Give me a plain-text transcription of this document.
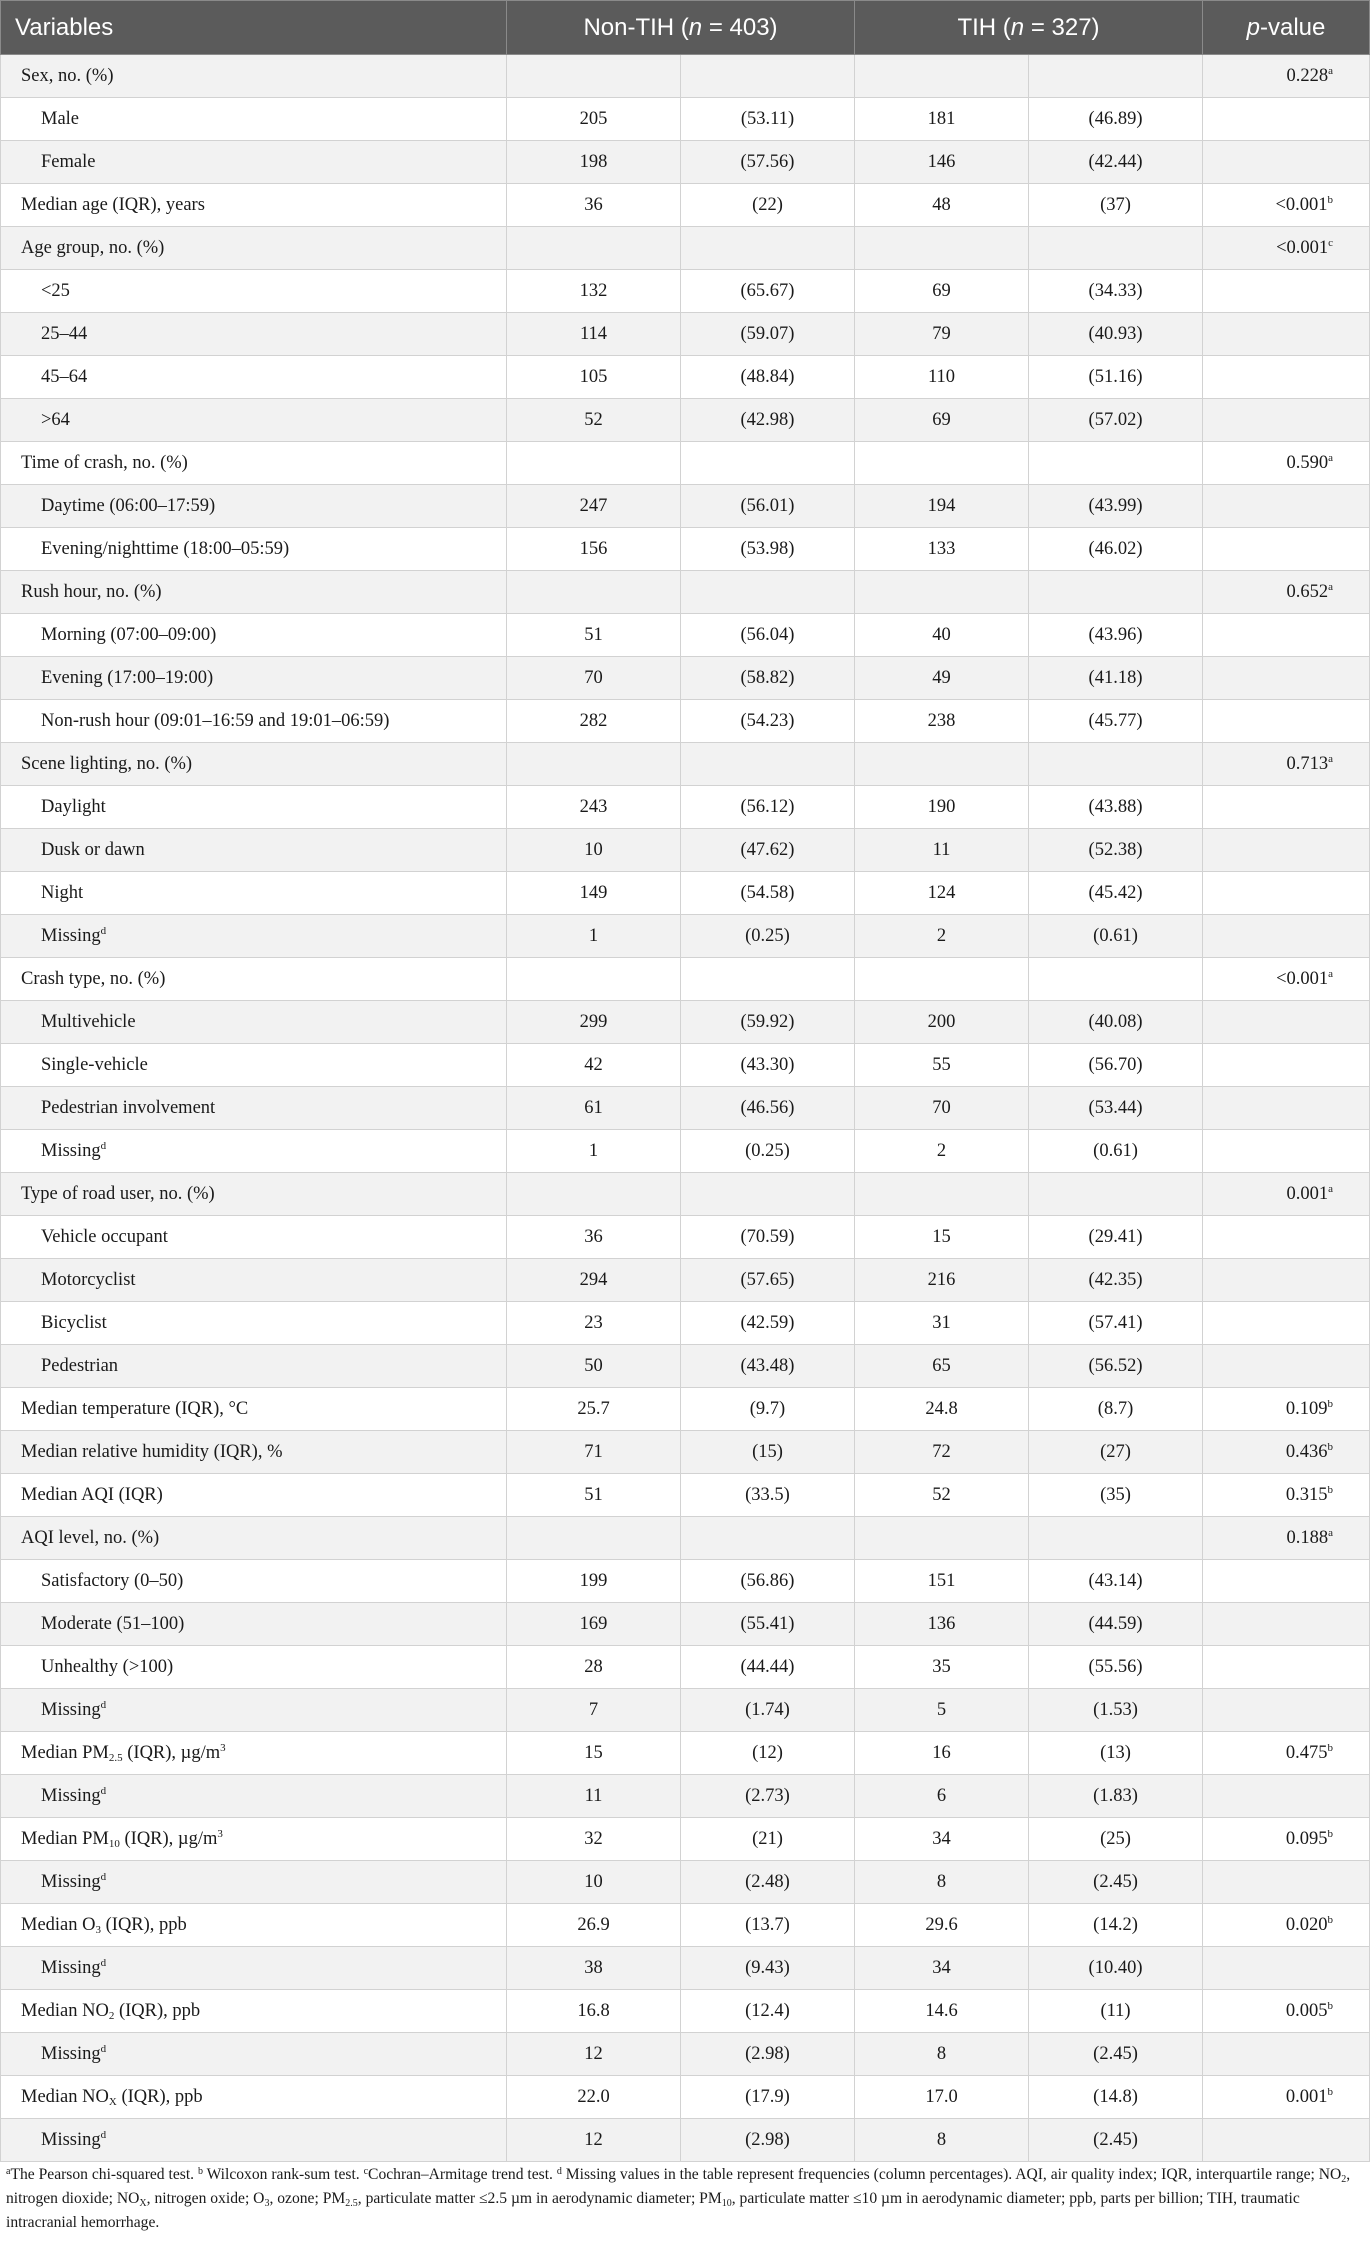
Variables	Non-TIH (n = 403)		TIH (n = 327)		p-value
Sex, no. (%)					0.228$^a$
Male	205	(53.11)	181	(46.89)	
Female	198	(57.56)	146	(42.44)	
Median age (IQR), years	36	(22)	48	(37)	<0.001$^b$
Age group, no. (%)					<0.001$^c$
<25	132	(65.67)	69	(34.33)	
25–44	114	(59.07)	79	(40.93)	
45–64	105	(48.84)	110	(51.16)	
>64	52	(42.98)	69	(57.02)	
Time of crash, no. (%)					0.590$^a$
Daytime (06:00–17:59)	247	(56.01)	194	(43.99)	
Evening/nighttime (18:00–05:59)	156	(53.98)	133	(46.02)	
Rush hour, no. (%)					0.652$^a$
Morning (07:00–09:00)	51	(56.04)	40	(43.96)	
Evening (17:00–19:00)	70	(58.82)	49	(41.18)	
Non-rush hour (09:01–16:59 and 19:01–06:59)	282	(54.23)	238	(45.77)	
Scene lighting, no. (%)					0.713$^a$
Daylight	243	(56.12)	190	(43.88)	
Dusk or dawn	10	(47.62)	11	(52.38)	
Night	149	(54.58)	124	(45.42)	
Missing$^d$	1	(0.25)	2	(0.61)	
Crash type, no. (%)					<0.001$^a$
Multivehicle	299	(59.92)	200	(40.08)	
Single-vehicle	42	(43.30)	55	(56.70)	
Pedestrian involvement	61	(46.56)	70	(53.44)	
Missing$^d$	1	(0.25)	2	(0.61)	
Type of road user, no. (%)					0.001$^a$
Vehicle occupant	36	(70.59)	15	(29.41)	
Motorcyclist	294	(57.65)	216	(42.35)	
Bicyclist	23	(42.59)	31	(57.41)	
Pedestrian	50	(43.48)	65	(56.52)	
Median temperature (IQR), °C	25.7	(9.7)	24.8	(8.7)	0.109$^b$
Median relative humidity (IQR), %	71	(15)	72	(27)	0.436$^b$
Median AQI (IQR)	51	(33.5)	52	(35)	0.315$^b$
AQI level, no. (%)					0.188$^a$
Satisfactory (0–50)	199	(56.86)	151	(43.14)	
Moderate (51–100)	169	(55.41)	136	(44.59)	
Unhealthy (>100)	28	(44.44)	35	(55.56)	
Missing$^d$	7	(1.74)	5	(1.53)	
Median $PM_{2.5}$ (IQR), $\mu g/m^3$	15	(12)	16	(13)	0.475$^b$
Missing$^d$	11	(2.73)	6	(1.83)	
Median $PM_{10}$ (IQR), $\mu g/m^3$	32	(21)	34	(25)	0.095$^b$
Missing$^d$	10	(2.48)	8	(2.45)	
Median $O_3$ (IQR), ppb	26.9	(13.7)	29.6	(14.2)	0.020$^b$
Missing$^d$	38	(9.43)	34	(10.40)	
Median $NO_2$ (IQR), ppb	16.8	(12.4)	14.6	(11)	0.005$^b$
Missing$^d$	12	(2.98)	8	(2.45)	
Median $NO_X$ (IQR), ppb	22.0	(17.9)	17.0	(14.8)	0.001$^b$
Missing$^d$	12	(2.98)	8	(2.45)	
$^a$The Pearson chi-squared test. $^b$ Wilcoxon rank-sum test. $^c$Cochran–Armitage trend test. $^d$ Missing values in the table represent frequencies (column percentages). AQI, air quality index; IQR, interquartile range; $NO_2$, nitrogen dioxide; $NO_X$, nitrogen oxide; $O_3$, ozone; $PM_{2.5}$, particulate matter ≤2.5 µm in aerodynamic diameter; $PM_{10}$, particulate matter ≤10 µm in aerodynamic diameter; ppb, parts per billion; TIH, traumatic intracranial hemorrhage.
